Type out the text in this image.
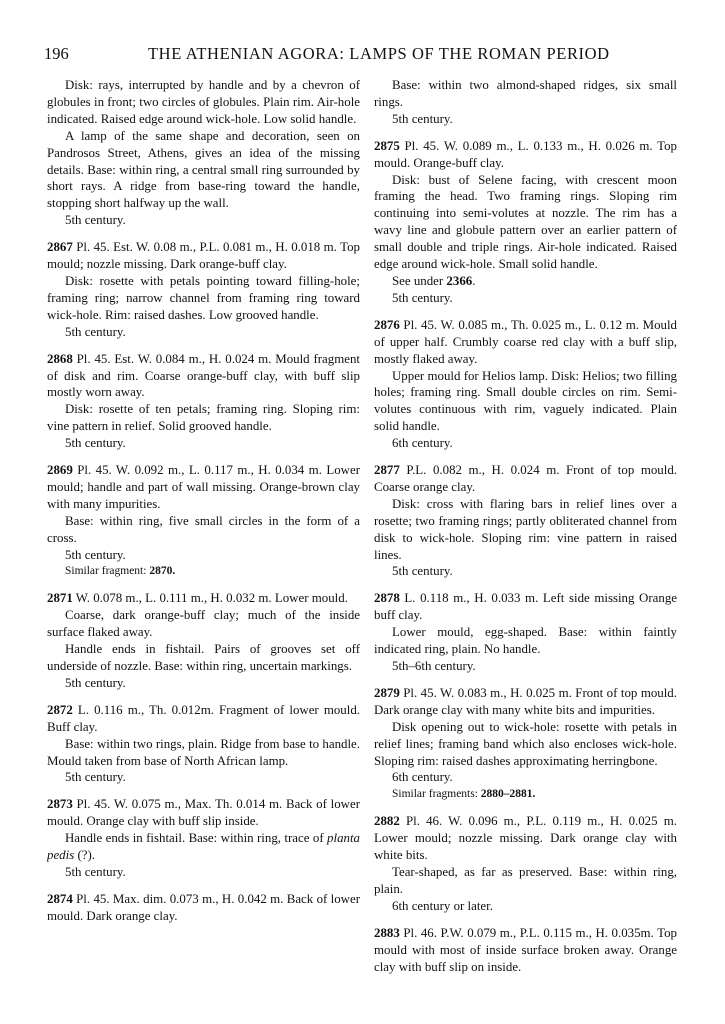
196	THE ATHENIAN AGORA: LAMPS OF THE ROMAN PERIOD

Disk: rays, interrupted by handle and by a chevron of globules in front; two circles of globules. Plain rim. Air-hole indicated. Raised edge around wick-hole. Low solid handle.

A lamp of the same shape and decoration, seen on Pandrosos Street, Athens, gives an idea of the missing details. Base: within ring, a central small ring surrounded by short rays. A ridge from base-ring toward the handle, stopping short halfway up the wall.

5th century.

2867 Pl. 45. Est. W. 0.08 m., P.L. 0.081 m., H. 0.018 m. Top mould; nozzle missing. Dark orange-buff clay.

Disk: rosette with petals pointing toward filling-hole; framing ring; narrow channel from framing ring toward wick-hole. Rim: raised dashes. Low grooved handle.

5th century.

2868 Pl. 45. Est. W. 0.084 m., H. 0.024 m. Mould fragment of disk and rim. Coarse orange-buff clay, with buff slip mostly worn away.

Disk: rosette of ten petals; framing ring. Sloping rim: vine pattern in relief. Solid grooved handle.

5th century.

2869 Pl. 45. W. 0.092 m., L. 0.117 m., H. 0.034 m. Lower mould; handle and part of wall missing. Orange-brown clay with many impurities.

Base: within ring, five small circles in the form of a cross.

5th century.

Similar fragment: 2870.

2871 W. 0.078 m., L. 0.111 m., H. 0.032 m. Lower mould.

Coarse, dark orange-buff clay; much of the inside surface flaked away.

Handle ends in fishtail. Pairs of grooves set off underside of nozzle. Base: within ring, uncertain markings.

5th century.

2872 L. 0.116 m., Th. 0.012m. Fragment of lower mould. Buff clay.

Base: within two rings, plain. Ridge from base to handle. Mould taken from base of North African lamp.

5th century.

2873 Pl. 45. W. 0.075 m., Max. Th. 0.014 m. Back of lower mould. Orange clay with buff slip inside.

Handle ends in fishtail. Base: within ring, trace of planta pedis (?).

5th century.

2874 Pl. 45. Max. dim. 0.073 m., H. 0.042 m. Back of lower mould. Dark orange clay.

Base: within two almond-shaped ridges, six small rings.

5th century.

2875 Pl. 45. W. 0.089 m., L. 0.133 m., H. 0.026 m. Top mould. Orange-buff clay.

Disk: bust of Selene facing, with crescent moon framing the head. Two framing rings. Sloping rim continuing into semi-volutes at nozzle. The rim has a wavy line and globule pattern over an earlier pattern of small double and triple rings. Air-hole indicated. Raised edge around wick-hole. Small solid handle.

See under 2366.

5th century.

2876 Pl. 45. W. 0.085 m., Th. 0.025 m., L. 0.12 m. Mould of upper half. Crumbly coarse red clay with a buff slip, mostly flaked away.

Upper mould for Helios lamp. Disk: Helios; two filling holes; framing ring. Small double circles on rim. Semi-volutes continuous with rim, vaguely indicated. Plain solid handle.

6th century.

2877 P.L. 0.082 m., H. 0.024 m. Front of top mould. Coarse orange clay.

Disk: cross with flaring bars in relief lines over a rosette; two framing rings; partly obliterated channel from disk to wick-hole. Sloping rim: vine pattern in raised lines.

5th century.

2878 L. 0.118 m., H. 0.033 m. Left side missing Orange buff clay.

Lower mould, egg-shaped. Base: within faintly indicated ring, plain. No handle.

5th–6th century.

2879 Pl. 45. W. 0.083 m., H. 0.025 m. Front of top mould. Dark orange clay with many white bits and impurities.

Disk opening out to wick-hole: rosette with petals in relief lines; framing band which also encloses wick-hole. Sloping rim: raised dashes approximating herringbone.

6th century.

Similar fragments: 2880–2881.

2882 Pl. 46. W. 0.096 m., P.L. 0.119 m., H. 0.025 m. Lower mould; nozzle missing. Dark orange clay with white bits.

Tear-shaped, as far as preserved. Base: within ring, plain.

6th century or later.

2883 Pl. 46. P.W. 0.079 m., P.L. 0.115 m., H. 0.035m. Top mould with most of inside surface broken away. Orange clay with buff slip on inside.
